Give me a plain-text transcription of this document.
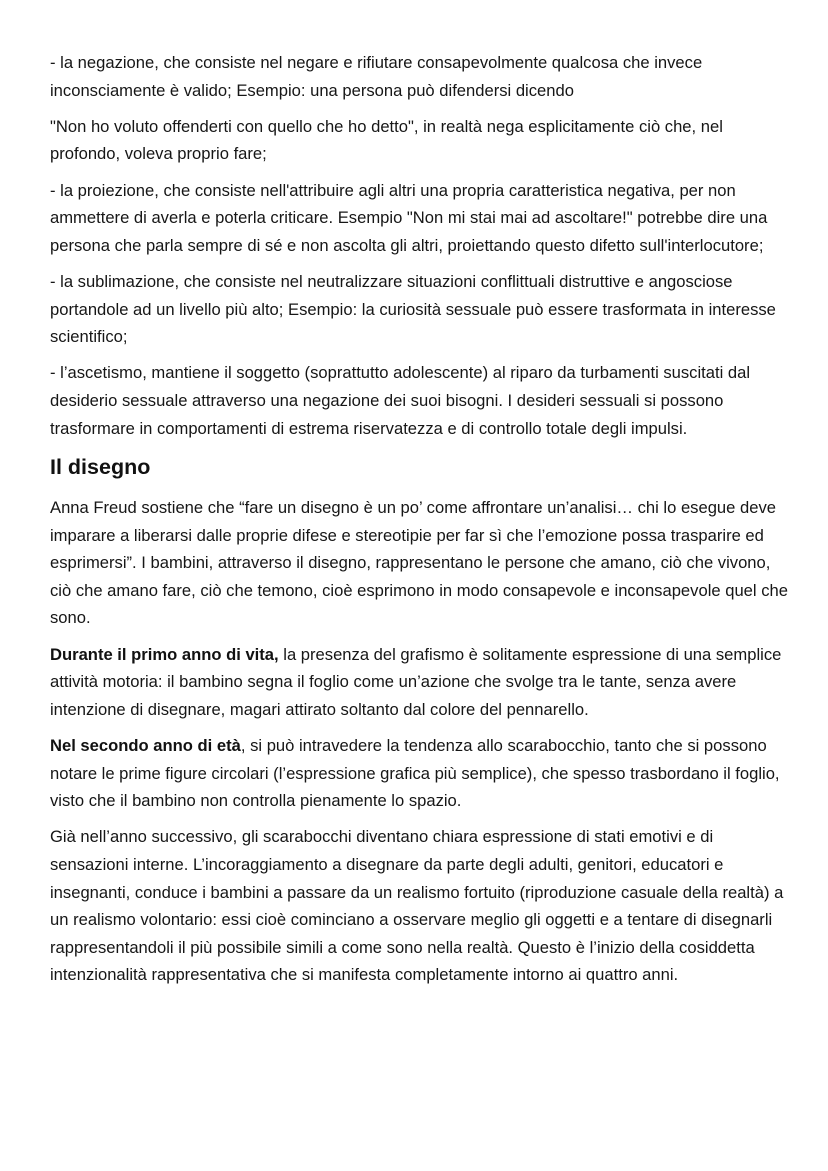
- la negazione, che consiste nel negare e rifiutare consapevolmente qualcosa che invece inconsciamente è valido; Esempio: una persona può difendersi dicendo

"Non ho voluto offenderti con quello che ho detto", in realtà nega esplicitamente ciò che, nel profondo, voleva proprio fare;

- la proiezione, che consiste nell'attribuire agli altri una propria caratteristica negativa, per non ammettere di averla e poterla criticare. Esempio "Non mi stai mai ad ascoltare!" potrebbe dire una persona che parla sempre di sé e non ascolta gli altri, proiettando questo difetto sull'interlocutore;

- la sublimazione, che consiste nel neutralizzare situazioni conflittuali distruttive e angosciose portandole ad un livello più alto; Esempio: la curiosità sessuale può essere trasformata in interesse scientifico;

- l’ascetismo, mantiene il soggetto (soprattutto adolescente) al riparo da turbamenti suscitati dal desiderio sessuale attraverso una negazione dei suoi bisogni. I desideri sessuali si possono trasformare in comportamenti di estrema riservatezza e di controllo totale degli impulsi.

Il disegno

Anna Freud sostiene che “fare un disegno è un po’ come affrontare un’analisi… chi lo esegue deve imparare a liberarsi dalle proprie difese e stereotipie per far sì che l’emozione possa trasparire ed esprimersi”. I bambini, attraverso il disegno, rappresentano le persone che amano, ciò che vivono, ciò che amano fare, ciò che temono, cioè esprimono in modo consapevole e inconsapevole quel che sono.

Durante il primo anno di vita, la presenza del grafismo è solitamente espressione di una semplice attività motoria: il bambino segna il foglio come un’azione che svolge tra le tante, senza avere intenzione di disegnare, magari attirato soltanto dal colore del pennarello.

Nel secondo anno di età, si può intravedere la tendenza allo scarabocchio, tanto che si possono notare le prime figure circolari (l’espressione grafica più semplice), che spesso trasbordano il foglio, visto che il bambino non controlla pienamente lo spazio.

Già nell’anno successivo, gli scarabocchi diventano chiara espressione di stati emotivi e di sensazioni interne. L’incoraggiamento a disegnare da parte degli adulti, genitori, educatori e insegnanti, conduce i bambini a passare da un realismo fortuito (riproduzione casuale della realtà) a un realismo volontario: essi cioè cominciano a osservare meglio gli oggetti e a tentare di disegnarli rappresentandoli il più possibile simili a come sono nella realtà. Questo è l’inizio della cosiddetta intenzionalità rappresentativa che si manifesta completamente intorno ai quattro anni.
